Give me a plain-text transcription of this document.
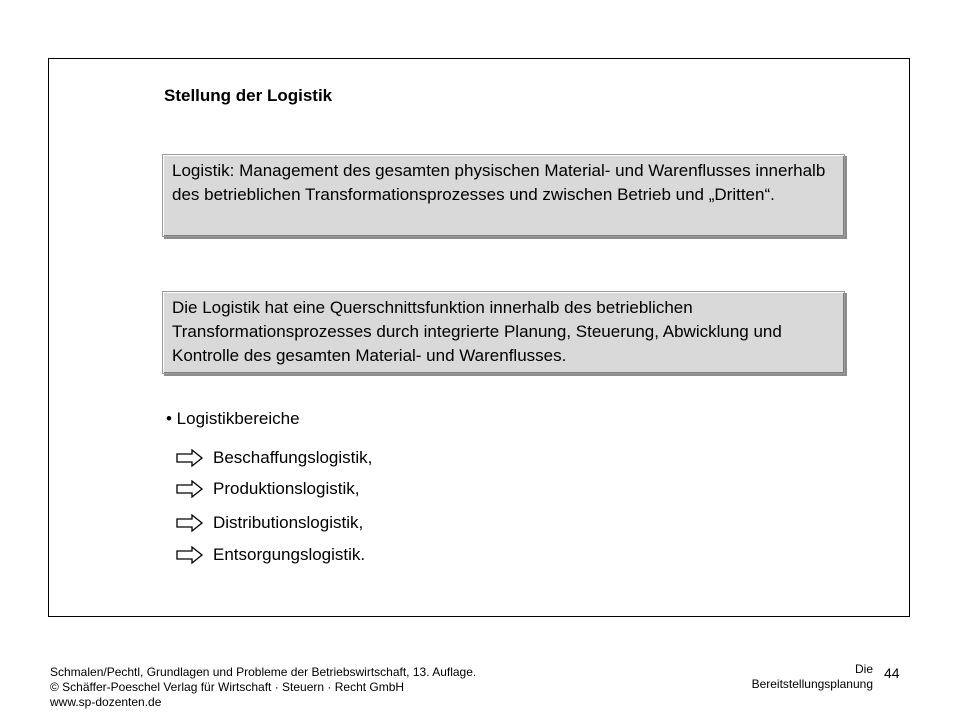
Stellung der Logistik
Logistik: Management des gesamten physischen Material- und Warenflusses innerhalb des betrieblichen Transformationsprozesses und zwischen Betrieb und „Dritten“.
Die Logistik hat eine Querschnittsfunktion innerhalb des betrieblichen Transformationsprozesses durch integrierte Planung, Steuerung, Abwicklung und Kontrolle des gesamten Material- und Warenflusses.
• Logistikbereiche
Beschaffungslogistik,
Produktionslogistik,
Distributionslogistik,
Entsorgungslogistik.
Schmalen/Pechtl, Grundlagen und Probleme der Betriebswirtschaft, 13. Auflage.
© Schäffer-Poeschel Verlag für Wirtschaft · Steuern · Recht GmbH
www.sp-dozenten.de
Die
Bereitstellungsplanung
44
